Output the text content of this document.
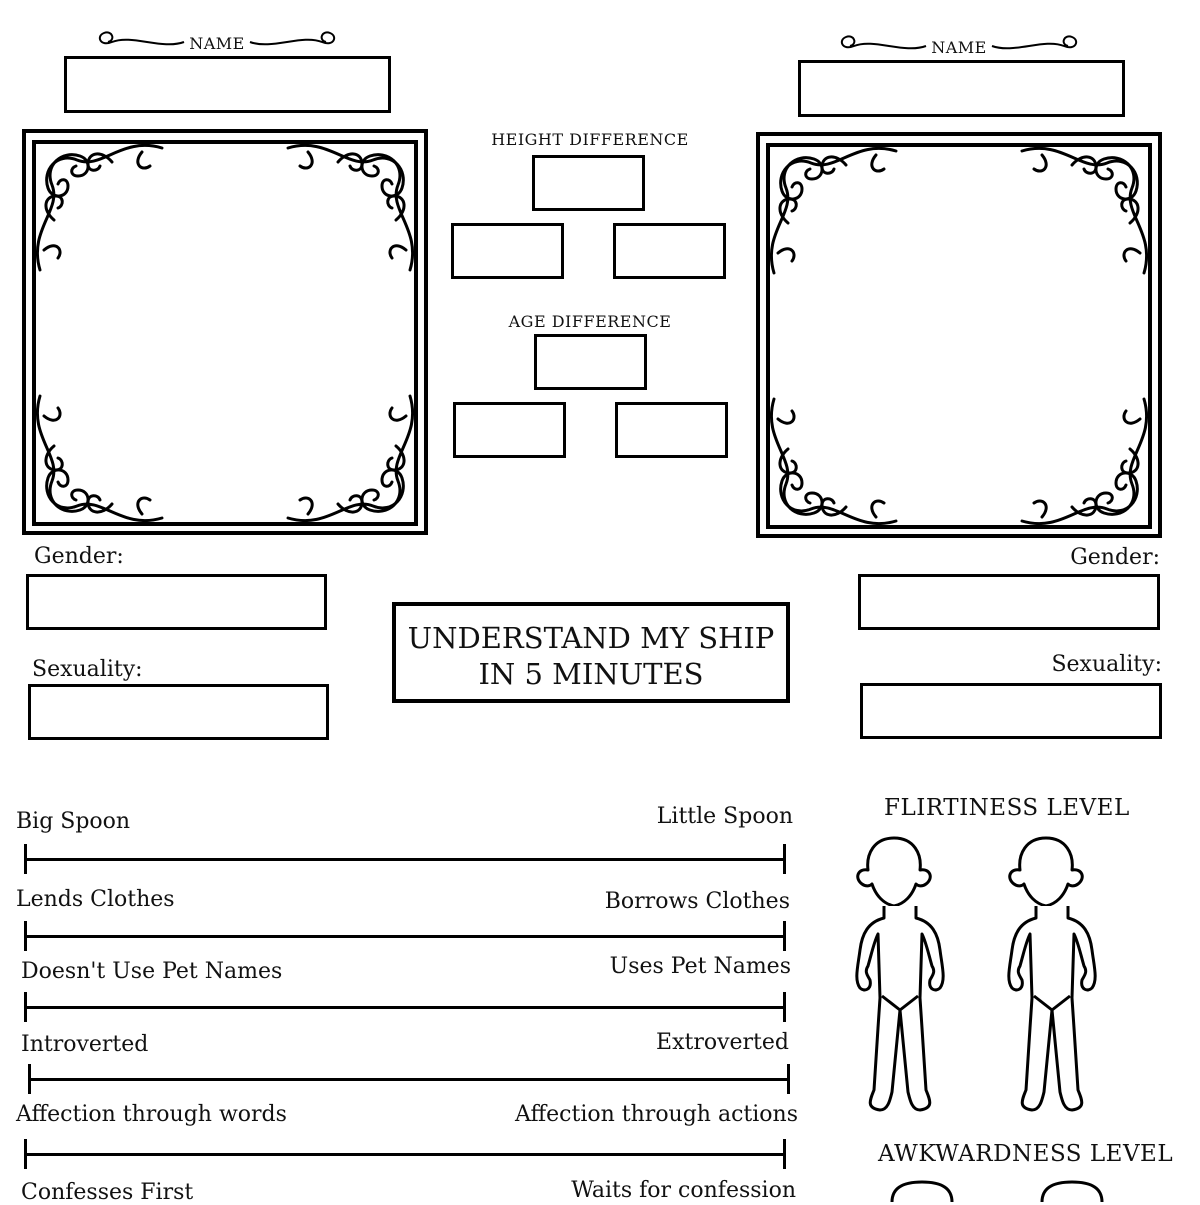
NAME	NAME
HEIGHT DIFFERENCE
AGE DIFFERENCE
Gender:
Sexuality:
Gender:
Sexuality:
UNDERSTAND MY SHIP
IN 5 MINUTES
Big Spoon	Little Spoon
Lends Clothes	Borrows Clothes
Doesn't Use Pet Names	Uses Pet Names
Introverted	Extroverted
Affection through words	Affection through actions
Confesses First	Waits for confession
FLIRTINESS LEVEL
AWKWARDNESS LEVEL
